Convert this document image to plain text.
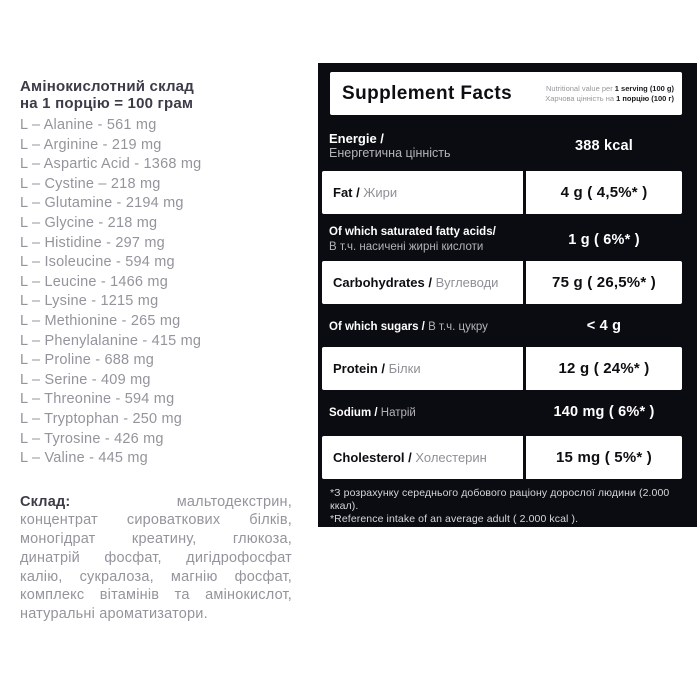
Амінокислотний склад
на 1 порцію = 100 грам
L – Alanine - 561 mg
L – Arginine - 219 mg
L – Aspartic Acid - 1368 mg
L – Cystine – 218 mg
L – Glutamine - 2194 mg
L – Glycine - 218 mg
L – Histidine - 297 mg
L – Isoleucine - 594 mg
L – Leucine - 1466 mg
L – Lysine - 1215 mg
L – Methionine - 265 mg
L – Phenylalanine - 415 mg
L – Proline - 688 mg
L – Serine - 409 mg
L – Threonine - 594 mg
L – Tryptophan - 250 mg
L – Tyrosine - 426 mg
L – Valine - 445 mg
Склад:	мальтодекстрин,
концентрат сироваткових білків,
моногідрат креатину, глюкоза,
динатрій фосфат, дигідрофосфат
калію, сукралоза, магнію фосфат,
комплекс вітамінів та амінокислот,
натуральні ароматизатори.
Supplement Facts	Nutritional value per 1 serving (100 g)
Харчова цінність на 1 порцію (100 г)
Energie /
Енергетична цінність	388 kcal
Fat / Жири	4 g ( 4,5%* )
Of which saturated fatty acids/
В т.ч. насичені жирні кислоти	1 g ( 6%* )
Carbohydrates / Вуглеводи	75 g ( 26,5%* )
Of which sugars / В т.ч. цукру	< 4 g
Protein / Білки	12 g ( 24%* )
Sodium / Натрій	140 mg ( 6%* )
Cholesterol / Холестерин	15 mg ( 5%* )
*З розрахунку середнього добового раціону дорослої людини (2.000 ккал).
*Reference intake of an average adult ( 2.000 kcal ).
